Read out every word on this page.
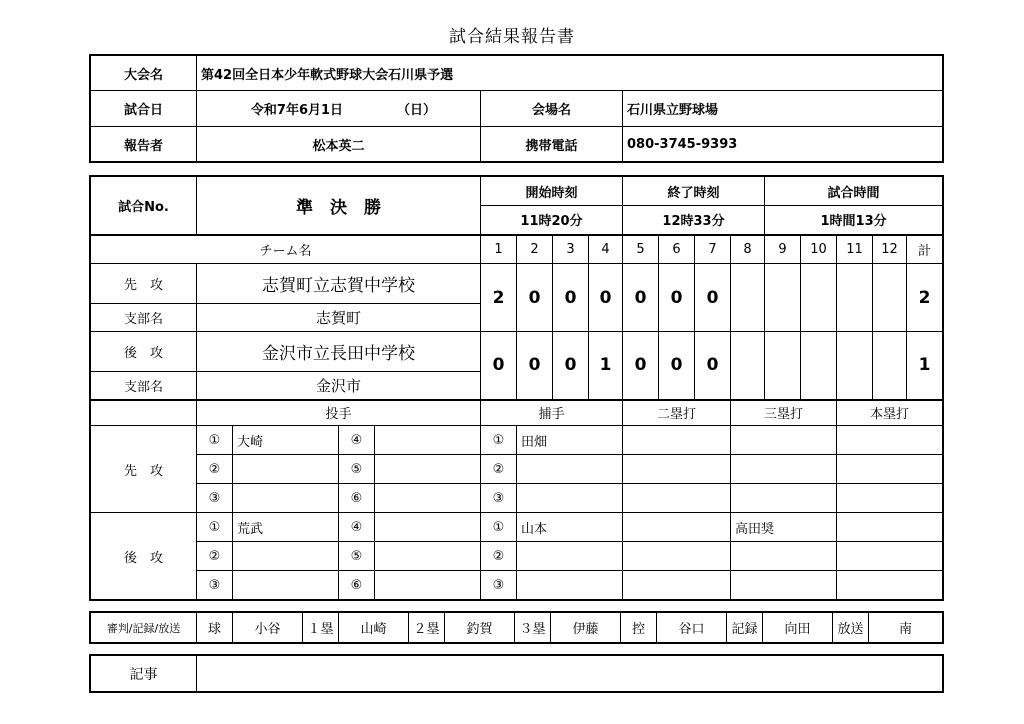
試合結果報告書
大会名	第42回全日本少年軟式野球大会石川県予選		
試合日	令和7年6月1日 （日）	会場名	石川県立野球場
報告者	松本英二	携帯電話	080-3745-9393
試合No.	準　決　勝				開始時刻				終了時刻				試合時間				
					11時20分				12時33分				1時間13分				
チーム名					1	2	3	4	5	6	7	8	9	10	11	12	計
先　攻	志賀町立志賀中学校				2	0	0	0	0	0	0						2
支部名	志賀町																
後　攻	金沢市立長田中学校				0	0	0	1	0	0	0						1
支部名	金沢市																
	投手				捕手				二塁打			三塁打			本塁打		
先　攻	①	大崎	④		①	田畑											
	②		⑤		②												
	③		⑥		③												
後　攻	①	荒武	④		①	山本						高田奨					
	②		⑤		②												
	③		⑥		③												
審判/記録/放送	球	小谷	１塁	山崎	２塁	釣賀	３塁	伊藤	控	谷口	記録	向田	放送	南
記事	
